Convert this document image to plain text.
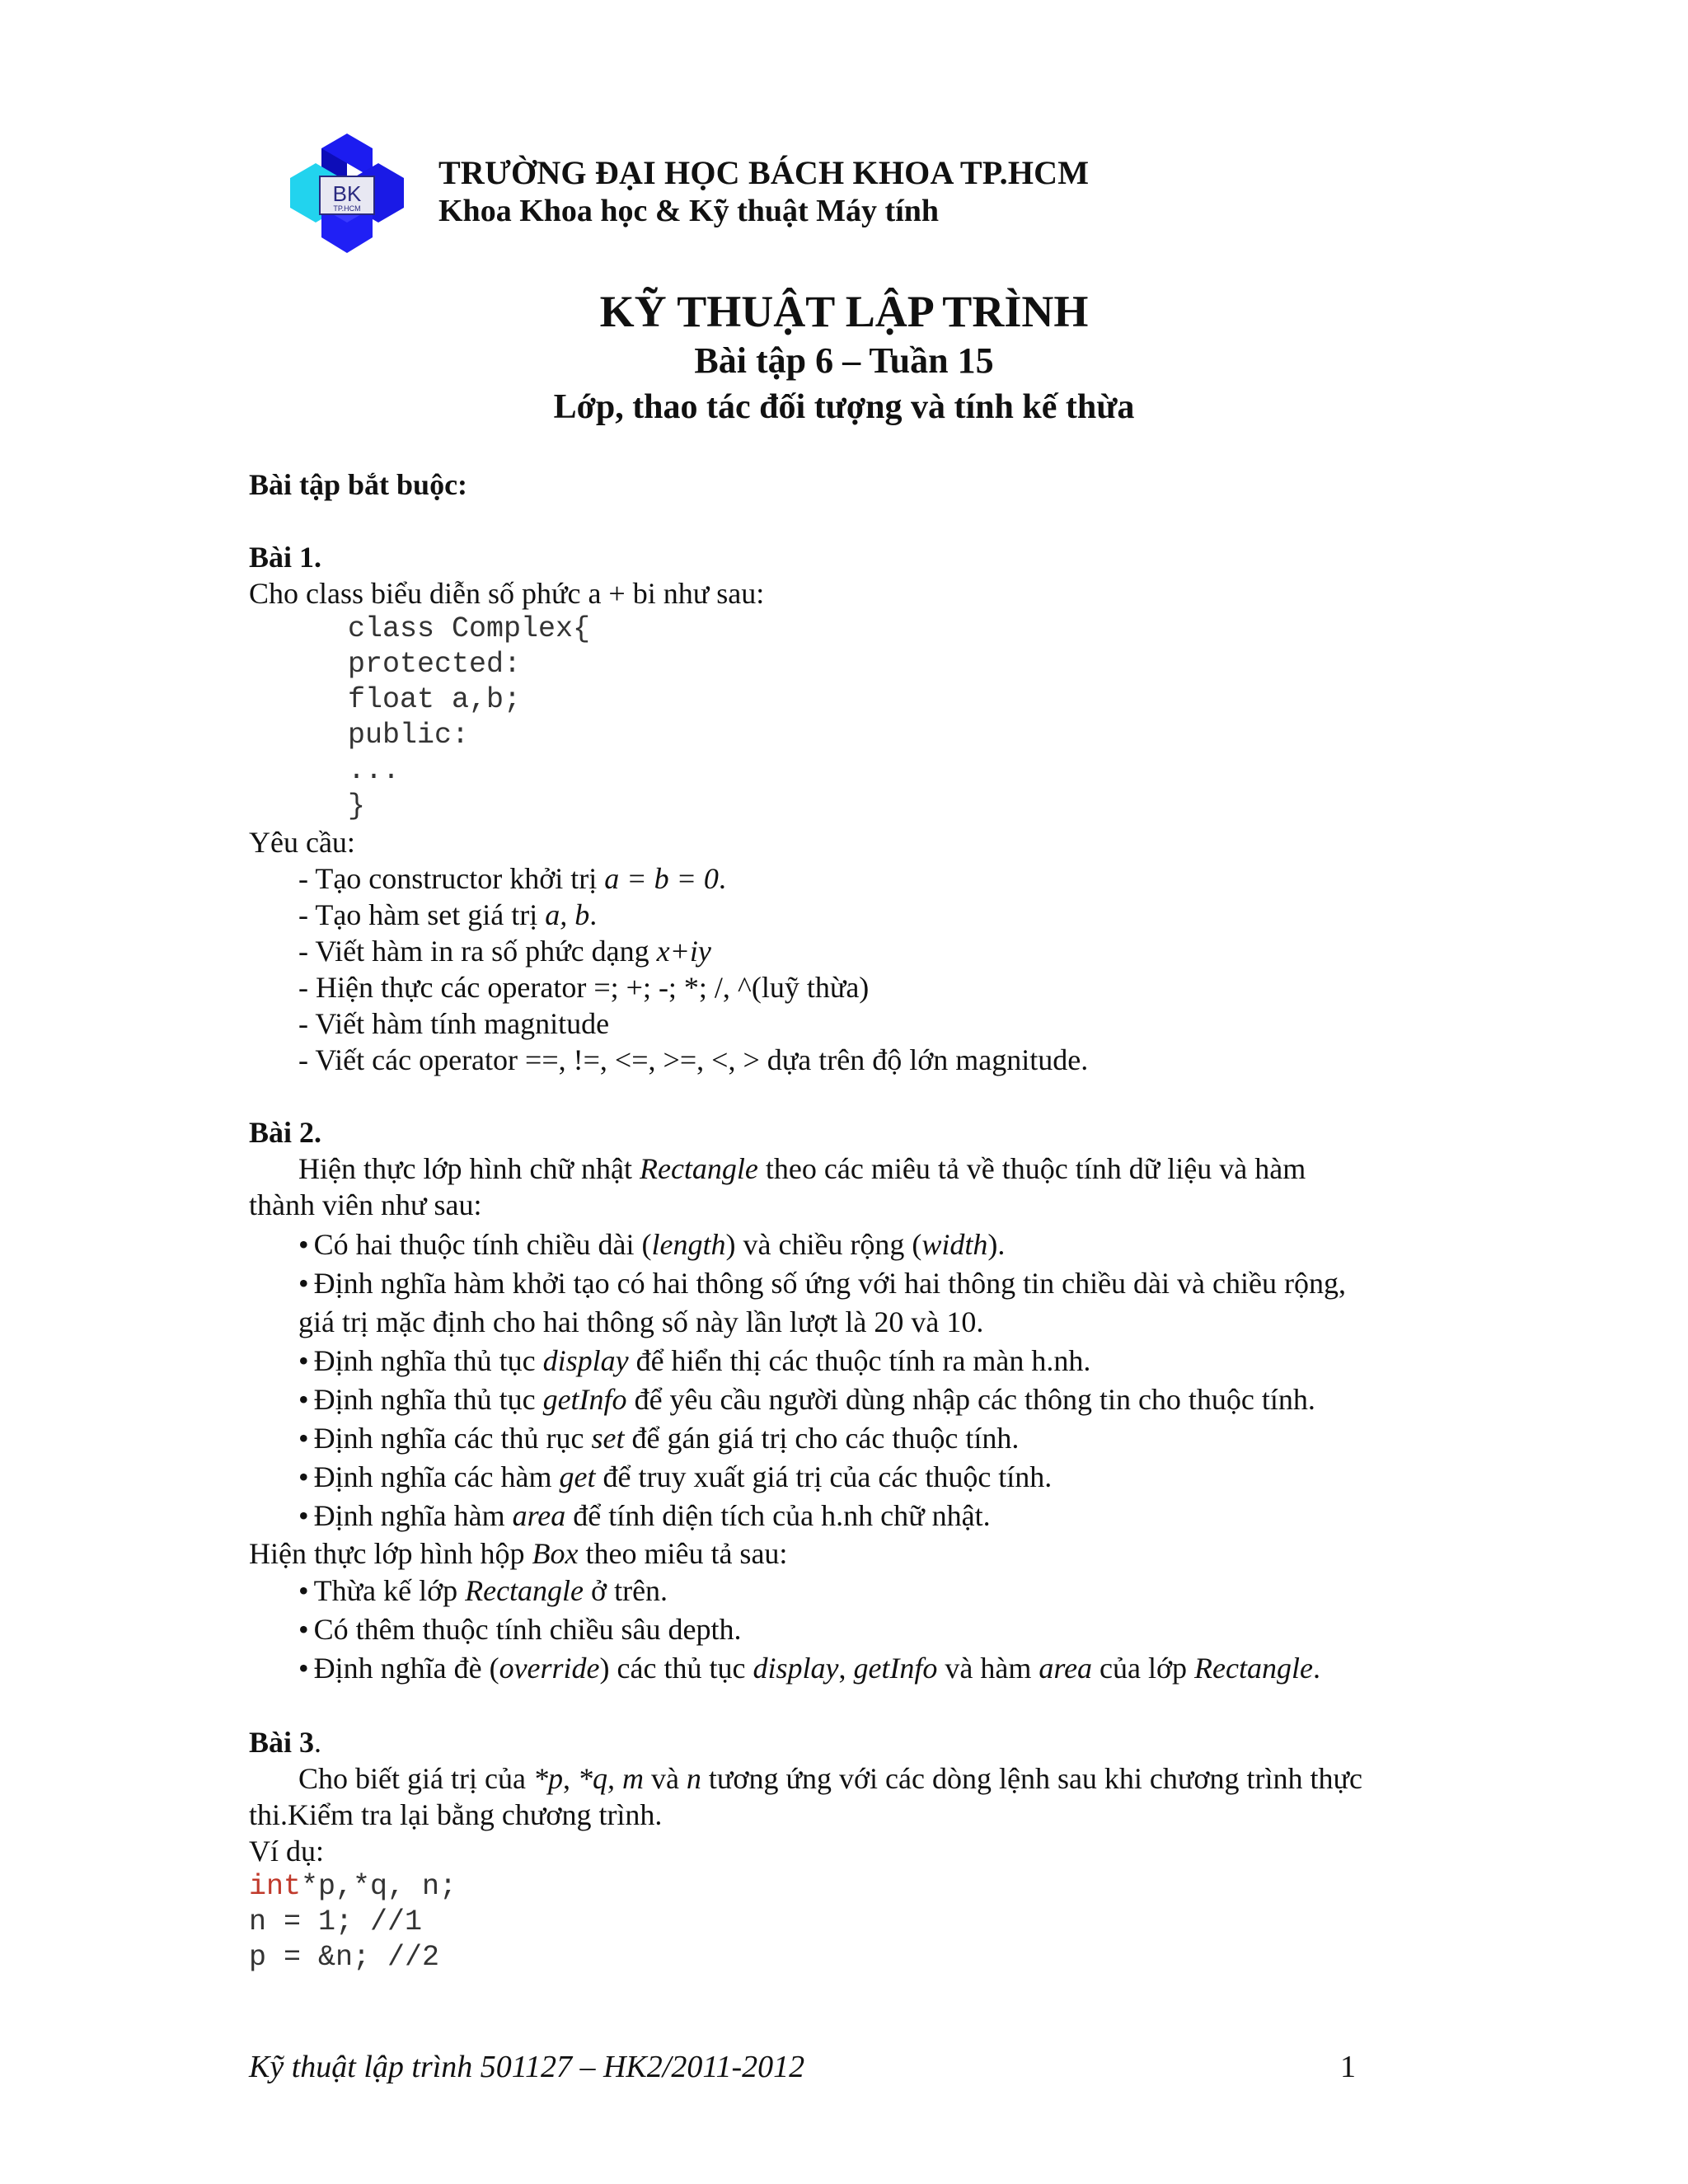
BK
TP.HCM
TRƯỜNG ĐẠI HỌC BÁCH KHOA TP.HCM
Khoa Khoa học & Kỹ thuật Máy tính
KỸ THUẬT LẬP TRÌNH
Bài tập 6 – Tuần 15
Lớp, thao tác đối tượng và tính kế thừa
Bài tập bắt buộc:
Bài 1.
Cho class biểu diễn số phức a + bi như sau:
class Complex{
protected:
float a,b;
public:
...
}
Yêu cầu:
- Tạo constructor khởi trị a = b = 0.
- Tạo hàm set giá trị a, b.
- Viết hàm in ra số phức dạng x+iy
- Hiện thực các operator =; +; -; *; /, ^(luỹ thừa)
- Viết hàm tính magnitude
- Viết các operator ==, !=, <=, >=, <, > dựa trên độ lớn magnitude.
Bài 2.
Hiện thực lớp hình chữ nhật Rectangle theo các miêu tả về thuộc tính dữ liệu và hàm
thành viên như sau:
• Có hai thuộc tính chiều dài (length) và chiều rộng (width).
• Định nghĩa hàm khởi tạo có hai thông số ứng với hai thông tin chiều dài và chiều rộng,
giá trị mặc định cho hai thông số này lần lượt là 20 và 10.
• Định nghĩa thủ tục display để hiển thị các thuộc tính ra màn h.nh.
• Định nghĩa thủ tục getInfo để yêu cầu người dùng nhập các thông tin cho thuộc tính.
• Định nghĩa các thủ rục set để gán giá trị cho các thuộc tính.
• Định nghĩa các hàm get để truy xuất giá trị của các thuộc tính.
• Định nghĩa hàm area để tính diện tích của h.nh chữ nhật.
Hiện thực lớp hình hộp Box theo miêu tả sau:
• Thừa kế lớp Rectangle ở trên.
• Có thêm thuộc tính chiều sâu depth.
• Định nghĩa đè (override) các thủ tục display, getInfo và hàm area của lớp Rectangle.
Bài 3.
Cho biết giá trị của *p, *q, m và n tương ứng với các dòng lệnh sau khi chương trình thực
thi.Kiểm tra lại bằng chương trình.
Ví dụ:
int*p,*q, n;
n = 1; //1
p = &n; //2
Kỹ thuật lập trình 501127 – HK2/2011-2012	1
